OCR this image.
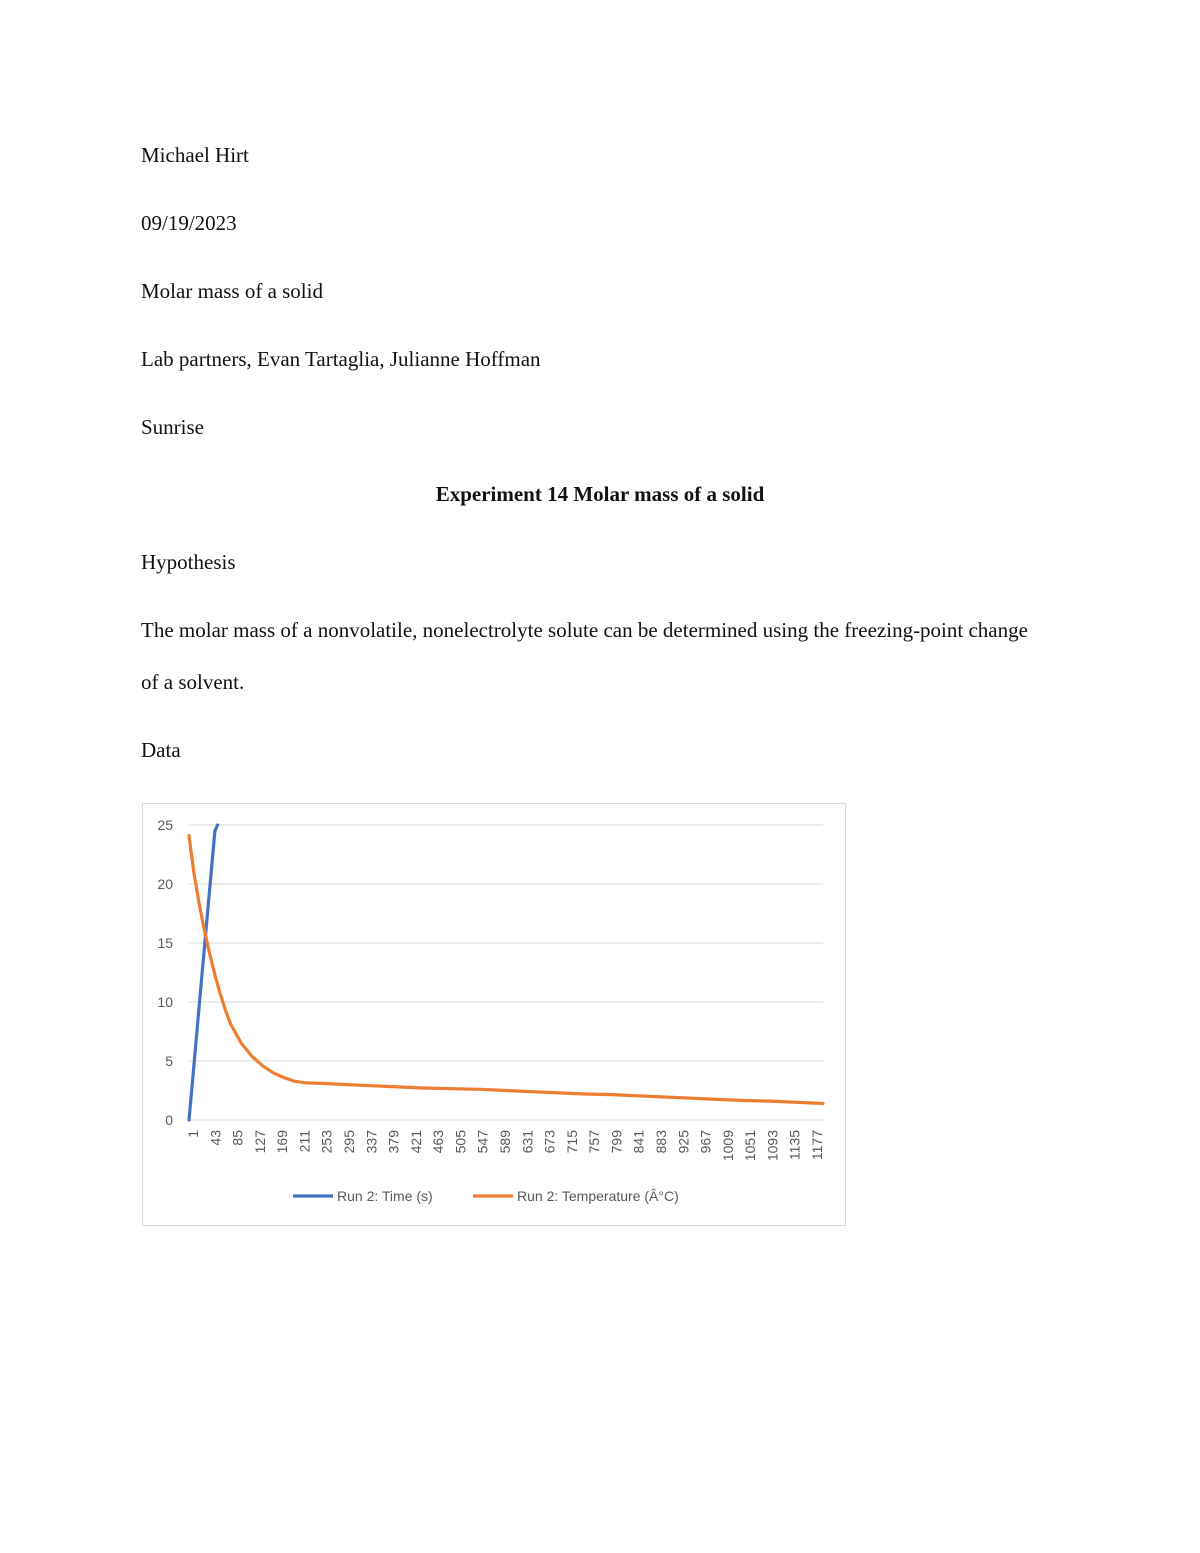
Michael Hirt
09/19/2023
Molar mass of a solid
Lab partners, Evan Tartaglia, Julianne Hoffman
Sunrise
Experiment 14 Molar mass of a solid
Hypothesis
The molar mass of a nonvolatile, nonelectrolyte solute can be determined using the freezing-point change of a solvent.
Data
0
5
10
15
20
25
1 43 85 127 169 211 253 295 337 379 421 463 505 547 589 631 673 715 757 799 841 883 925 967 1009 1051 1093 1135 1177
Run 2: Time (s)	Run 2: Temperature (Â°C)
